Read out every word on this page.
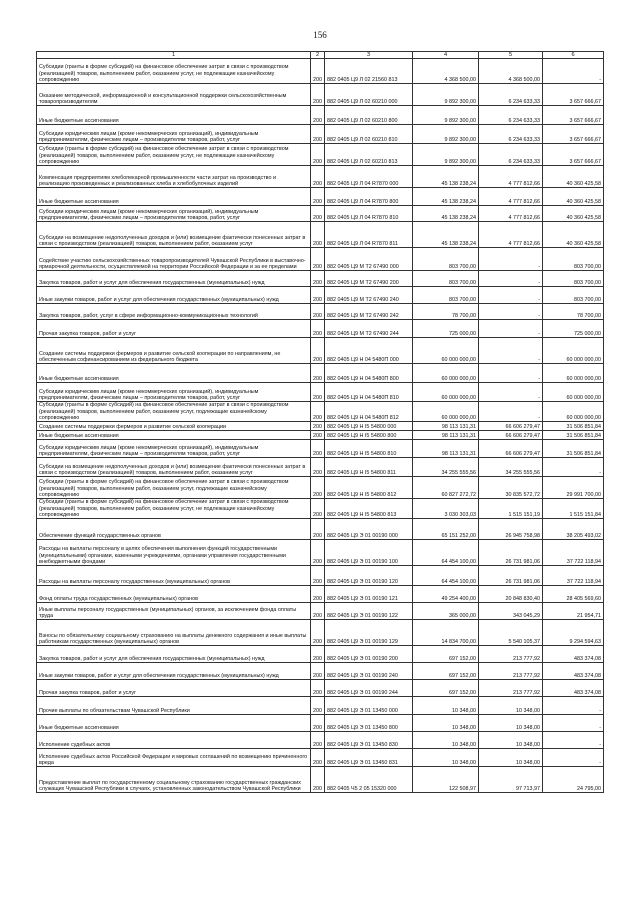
156
1	2	3	4	5	6
Субсидии (гранты в форме субсидий) на финансовое обеспечение затрат в связи с производством (реализацией) товаров, выполнением работ, оказанием услуг, не подлежащие казначейскому сопровождению	200	882 0405 Ц9 Л 02 21560 813	4 368 500,00	4 368 500,00	-
Оказание методической, информационной и консультационной поддержки сельскохозяйственным товаропроизводителям	200	882 0405 Ц9 Л 02 60210 000	9 892 300,00	6 234 633,33	3 657 666,67
Иные бюджетные ассигнования	200	882 0405 Ц9 Л 02 60210 800	9 892 300,00	6 234 633,33	3 657 666,67
Субсидии юридическим лицам (кроме некоммерческих организаций), индивидуальным предпринимателям, физическим лицам – производителям товаров, работ, услуг	200	882 0405 Ц9 Л 02 60210 810	9 892 300,00	6 234 633,33	3 657 666,67
Субсидии (гранты в форме субсидий) на финансовое обеспечение затрат в связи с производством (реализацией) товаров, выполнением работ, оказанием услуг, не подлежащие казначейскому сопровождению	200	882 0405 Ц9 Л 02 60210 813	9 892 300,00	6 234 633,33	3 657 666,67
Компенсация предприятиям хлебопекарной промышленности части затрат на производство и реализацию произведенных и реализованных хлеба и хлебобулочных изделий	200	882 0405 Ц9 Л 04 R7870 000	45 138 238,24	4 777 812,66	40 360 425,58
Иные бюджетные ассигнования	200	882 0405 Ц9 Л 04 R7870 800	45 138 238,24	4 777 812,66	40 360 425,58
Субсидии юридическим лицам (кроме некоммерческих организаций), индивидуальным предпринимателям, физическим лицам – производителям товаров, работ, услуг	200	882 0405 Ц9 Л 04 R7870 810	45 138 238,24	4 777 812,66	40 360 425,58
Субсидии на возмещение недополученных доходов и (или) возмещение фактически понесенных затрат в связи с производством (реализацией) товаров, выполнением работ, оказанием услуг	200	882 0405 Ц9 Л 04 R7870 811	45 138 238,24	4 777 812,66	40 360 425,58
Содействие участию сельскохозяйственных товаропроизводителей Чувашской Республики в выставочно-ярмарочной деятельности, осуществляемой на территории Российской Федерации и за ее пределами	200	882 0405 Ц9 М Т2 67490 000	803 700,00	-	803 700,00
Закупка товаров, работ и услуг для обеспечения государственных (муниципальных) нужд	200	882 0405 Ц9 М Т2 67490 200	803 700,00	-	803 700,00
Иные закупки товаров, работ и услуг для обеспечения государственных (муниципальных) нужд	200	882 0405 Ц9 М Т2 67490 240	803 700,00	-	803 700,00
Закупка товаров, работ, услуг в сфере информационно-коммуникационных технологий	200	882 0405 Ц9 М Т2 67490 242	78 700,00	-	78 700,00
Прочая закупка товаров, работ и услуг	200	882 0405 Ц9 М Т2 67490 244	725 000,00	-	725 000,00
Создание системы поддержки фермеров и развитие сельской кооперации по направлениям, не обеспеченным софинансированием из федерального бюджета	200	882 0405 Ц9 Н 04 5480П 000	60 000 000,00	-	60 000 000,00
Иные бюджетные ассигнования	200	882 0405 Ц9 Н 04 5480П 800	60 000 000,00	-	60 000 000,00
Субсидии юридическим лицам (кроме некоммерческих организаций), индивидуальным предпринимателям, физическим лицам – производителям товаров, работ, услуг	200	882 0405 Ц9 Н 04 5480П 810	60 000 000,00	-	60 000 000,00
Субсидии (гранты в форме субсидий) на финансовое обеспечение затрат в связи с производством (реализацией) товаров, выполнением работ, оказанием услуг, подлежащие казначейскому сопровождению	200	882 0405 Ц9 Н 04 5480П 812	60 000 000,00	-	60 000 000,00
Создание системы поддержки фермеров и развитие сельской кооперации	200	882 0405 Ц9 Н I5 54800 000	98 113 131,31	66 606 279,47	31 506 851,84
Иные бюджетные ассигнования	200	882 0405 Ц9 Н I5 54800 800	98 113 131,31	66 606 279,47	31 506 851,84
Субсидии юридическим лицам (кроме некоммерческих организаций), индивидуальным предпринимателям, физическим лицам – производителям товаров, работ, услуг	200	882 0405 Ц9 Н I5 54800 810	98 113 131,31	66 606 279,47	31 506 851,84
Субсидии на возмещение недополученных доходов и (или) возмещение фактически понесенных затрат в связи с производством (реализацией) товаров, выполнением работ, оказанием услуг	200	882 0405 Ц9 Н I5 54800 811	34 255 555,56	34 255 555,56	-
Субсидии (гранты в форме субсидий) на финансовое обеспечение затрат в связи с производством (реализацией) товаров, выполнением работ, оказанием услуг, подлежащие казначейскому сопровождению	200	882 0405 Ц9 Н I5 54800 812	60 827 272,72	30 835 572,72	29 991 700,00
Субсидии (гранты в форме субсидий) на финансовое обеспечение затрат в связи с производством (реализацией) товаров, выполнением работ, оказанием услуг, не подлежащие казначейскому сопровождению	200	882 0405 Ц9 Н I5 54800 813	3 030 303,03	1 515 151,19	1 515 151,84
Обеспечение функций государственных органов	200	882 0405 Ц9 Э 01 00190 000	65 151 252,00	26 945 758,98	38 205 493,02
Расходы на выплаты персоналу в целях обеспечения выполнения функций государственными (муниципальными) органами, казенными учреждениями, органами управления государственными внебюджетными фондами	200	882 0405 Ц9 Э 01 00190 100	64 454 100,00	26 731 981,06	37 722 118,94
Расходы на выплаты персоналу государственных (муниципальных) органов	200	882 0405 Ц9 Э 01 00190 120	64 454 100,00	26 731 981,06	37 722 118,94
Фонд оплаты труда государственных (муниципальных) органов	200	882 0405 Ц9 Э 01 00190 121	49 254 400,00	20 848 830,40	28 405 569,60
Иные выплаты персоналу государственных (муниципальных) органов, за исключением фонда оплаты труда	200	882 0405 Ц9 Э 01 00190 122	365 000,00	343 045,29	21 954,71
Взносы по обязательному социальному страхованию на выплаты денежного содержания и иные выплаты работникам государственных (муниципальных) органов	200	882 0405 Ц9 Э 01 00190 129	14 834 700,00	5 540 105,37	9 294 594,63
Закупка товаров, работ и услуг для обеспечения государственных (муниципальных) нужд	200	882 0405 Ц9 Э 01 00190 200	697 152,00	213 777,92	483 374,08
Иные закупки товаров, работ и услуг для обеспечения государственных (муниципальных) нужд	200	882 0405 Ц9 Э 01 00190 240	697 152,00	213 777,92	483 374,08
Прочая закупка товаров, работ и услуг	200	882 0405 Ц9 Э 01 00190 244	697 152,00	213 777,92	483 374,08
Прочие выплаты по обязательствам Чувашской Республики	200	882 0405 Ц9 Э 01 13450 000	10 348,00	10 348,00	-
Иные бюджетные ассигнования	200	882 0405 Ц9 Э 01 13450 800	10 348,00	10 348,00	-
Исполнение судебных актов	200	882 0405 Ц9 Э 01 13450 830	10 348,00	10 348,00	-
Исполнение судебных актов Российской Федерации и мировых соглашений по возмещению причиненного вреда	200	882 0405 Ц9 Э 01 13450 831	10 348,00	10 348,00	-
Предоставление выплат по государственному социальному страхованию государственных гражданских служащих Чувашской Республики в случаях, установленных законодательством Чувашской Республики	200	882 0405 Ч5 2 05 15320 000	122 508,97	97 713,97	24 795,00
